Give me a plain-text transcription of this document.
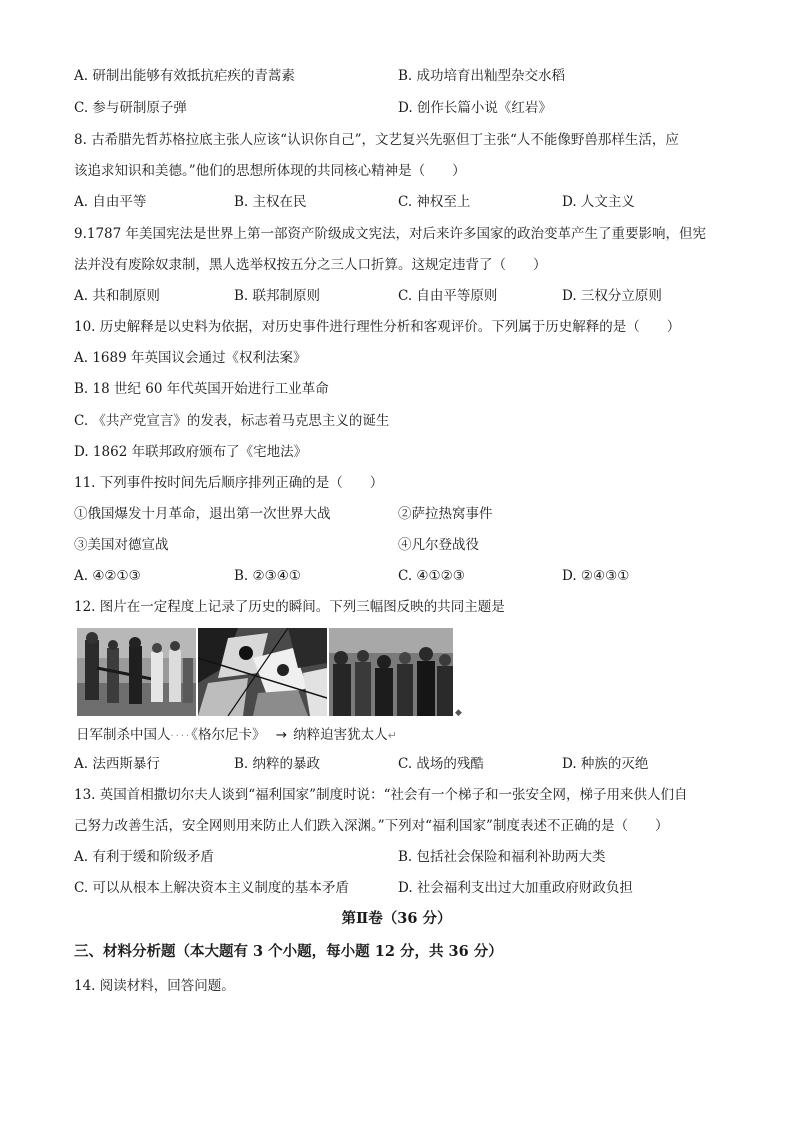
A. 研制出能够有效抵抗疟疾的青蒿素	B. 成功培育出籼型杂交水稻
C. 参与研制原子弹	D. 创作长篇小说《红岩》
8. 古希腊先哲苏格拉底主张人应该“认识你自己”，文艺复兴先驱但丁主张“人不能像野兽那样生活，应
该追求知识和美德。”他们的思想所体现的共同核心精神是（　　）
A. 自由平等	B. 主权在民	C. 神权至上	D. 人文主义
9.1787 年美国宪法是世界上第一部资产阶级成文宪法，对后来许多国家的政治变革产生了重要影响，但宪
法并没有废除奴隶制，黑人选举权按五分之三人口折算。这规定违背了（　　）
A. 共和制原则	B. 联邦制原则	C. 自由平等原则	D. 三权分立原则
10. 历史解释是以史料为依据，对历史事件进行理性分析和客观评价。下列属于历史解释的是（　　）
A. 1689 年英国议会通过《权利法案》
B. 18 世纪 60 年代英国开始进行工业革命
C. 《共产党宣言》的发表，标志着马克思主义的诞生
D. 1862 年联邦政府颁布了《宅地法》
11. 下列事件按时间先后顺序排列正确的是（　　）
①俄国爆发十月革命，退出第一次世界大战	②萨拉热窝事件
③美国对德宣战	④凡尔登战役
A. ④②①③	B. ②③④①	C. ④①②③	D. ②④③①
12. 图片在一定程度上记录了历史的瞬间。下列三幅图反映的共同主题是
◆
日军制杀中国人····《格尔尼卡》 → 纳粹迫害犹太人↵
A. 法西斯暴行	B. 纳粹的暴政	C. 战场的残酷	D. 种族的灭绝
13. 英国首相撒切尔夫人谈到“福利国家”制度时说：“社会有一个梯子和一张安全网，梯子用来供人们自
己努力改善生活，安全网则用来防止人们跌入深渊。”下列对“福利国家”制度表述不正确的是（　　）
A. 有利于缓和阶级矛盾	B. 包括社会保险和福利补助两大类
C. 可以从根本上解决资本主义制度的基本矛盾	D. 社会福利支出过大加重政府财政负担
第Ⅱ卷（36 分）
三、材料分析题（本大题有 3 个小题，每小题 12 分，共 36 分）
14. 阅读材料，回答问题。
